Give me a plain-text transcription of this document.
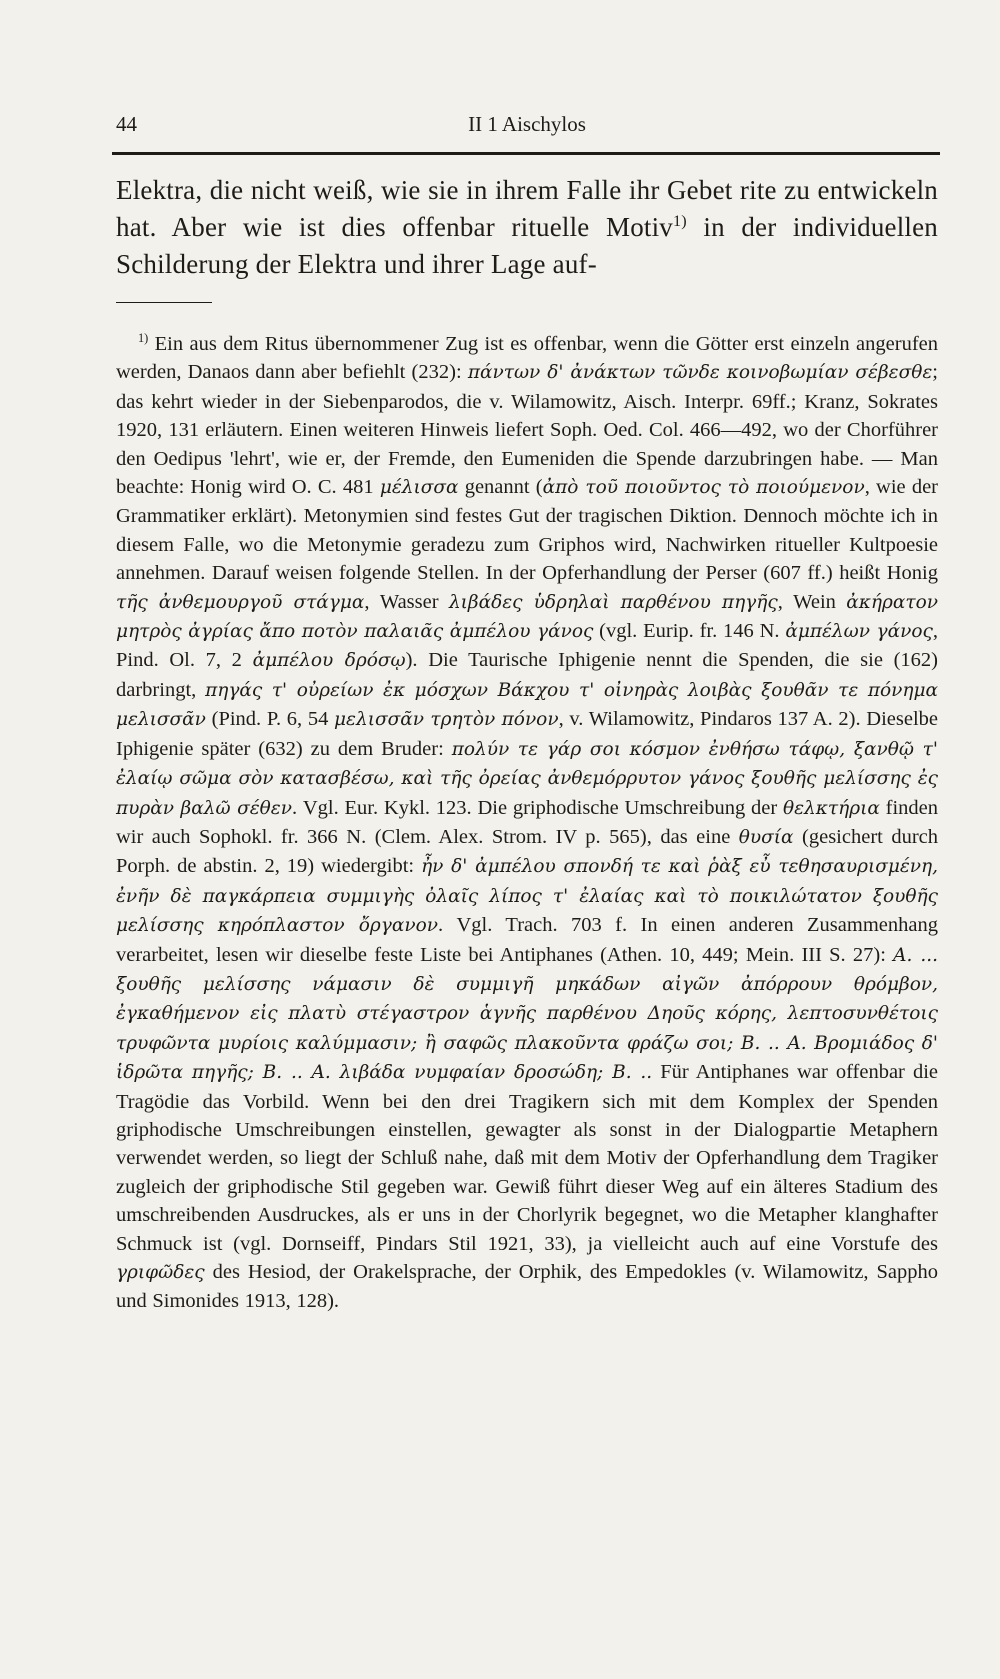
44	II 1 Aischylos

Elektra, die nicht weiß, wie sie in ihrem Falle ihr Gebet rite zu entwickeln hat. Aber wie ist dies offenbar rituelle Motiv$^{1)}$ in der individuellen Schilderung der Elektra und ihrer Lage auf-

$^{1)}$ Ein aus dem Ritus übernommener Zug ist es offenbar, wenn die Götter erst einzeln angerufen werden, Danaos dann aber befiehlt (232): πάντων δ' ἀνάκτων τῶνδε κοινοβωμίαν σέβεσθε; das kehrt wieder in der Siebenparodos, die v. Wilamowitz, Aisch. Interpr. 69ff.; Kranz, Sokrates 1920, 131 erläutern. Einen weiteren Hinweis liefert Soph. Oed. Col. 466—492, wo der Chorführer den Oedipus 'lehrt', wie er, der Fremde, den Eumeniden die Spende darzubringen habe. — Man beachte: Honig wird O. C. 481 μέλισσα genannt (ἀπὸ τοῦ ποιοῦντος τὸ ποιούμενον, wie der Grammatiker erklärt). Metonymien sind festes Gut der tragischen Diktion. Dennoch möchte ich in diesem Falle, wo die Metonymie geradezu zum Griphos wird, Nachwirken ritueller Kultpoesie annehmen. Darauf weisen folgende Stellen. In der Opferhandlung der Perser (607 ff.) heißt Honig τῆς ἀνθεμουργοῦ στάγμα, Wasser λιβάδες ὑδρηλαὶ παρθένου πηγῆς, Wein ἀκήρατον μητρὸς ἀγρίας ἄπο ποτὸν παλαιᾶς ἀμπέλου γάνος (vgl. Eurip. fr. 146 N. ἀμπέλων γάνος, Pind. Ol. 7, 2 ἀμπέλου δρόσῳ). Die Taurische Iphigenie nennt die Spenden, die sie (162) darbringt, πηγάς τ' οὐρείων ἐκ μόσχων Βάκχου τ' οἰνηρὰς λοιβὰς ξουθᾶν τε πόνημα μελισσᾶν (Pind. P. 6, 54 μελισσᾶν τρητὸν πόνον, v. Wilamowitz, Pindaros 137 A. 2). Dieselbe Iphigenie später (632) zu dem Bruder: πολύν τε γάρ σοι κόσμον ἐνθήσω τάφῳ, ξανθῷ τ' ἐλαίῳ σῶμα σὸν κατασβέσω, καὶ τῆς ὀρείας ἀνθεμόρρυτον γάνος ξουθῆς μελίσσης ἐς πυρὰν βαλῶ σέθεν. Vgl. Eur. Kykl. 123. Die griphodische Umschreibung der θελκτήρια finden wir auch Sophokl. fr. 366 N. (Clem. Alex. Strom. IV p. 565), das eine θυσία (gesichert durch Porph. de abstin. 2, 19) wiedergibt: ἦν δ' ἀμπέλου σπονδή τε καὶ ῥὰξ εὖ τεθησαυρισμένη, ἐνῆν δὲ παγκάρπεια συμμιγὴς ὀλαῖς λίπος τ' ἐλαίας καὶ τὸ ποικιλώτατον ξουθῆς μελίσσης κηρόπλαστον ὄργανον. Vgl. Trach. 703 f. In einen anderen Zusammenhang verarbeitet, lesen wir dieselbe feste Liste bei Antiphanes (Athen. 10, 449; Mein. III S. 27): Α. ... ξουθῆς μελίσσης νάμασιν δὲ συμμιγῆ μηκάδων αἰγῶν ἀπόρρουν θρόμβον, ἐγκαθήμενον εἰς πλατὺ στέγαστρον ἁγνῆς παρθένου Δηοῦς κόρης, λεπτοσυνθέτοις τρυφῶντα μυρίοις καλύμμασιν; ἢ σαφῶς πλακοῦντα φράζω σοι; Β. .. Α. Βρομιάδος δ' ἱδρῶτα πηγῆς; Β. .. Α. λιβάδα νυμφαίαν δροσώδη; Β. .. Für Antiphanes war offenbar die Tragödie das Vorbild. Wenn bei den drei Tragikern sich mit dem Komplex der Spenden griphodische Umschreibungen einstellen, gewagter als sonst in der Dialogpartie Metaphern verwendet werden, so liegt der Schluß nahe, daß mit dem Motiv der Opferhandlung dem Tragiker zugleich der griphodische Stil gegeben war. Gewiß führt dieser Weg auf ein älteres Stadium des umschreibenden Ausdruckes, als er uns in der Chorlyrik begegnet, wo die Metapher klanghafter Schmuck ist (vgl. Dornseiff, Pindars Stil 1921, 33), ja vielleicht auch auf eine Vorstufe des γριφῶδες des Hesiod, der Orakelsprache, der Orphik, des Empedokles (v. Wilamowitz, Sappho und Simonides 1913, 128).
